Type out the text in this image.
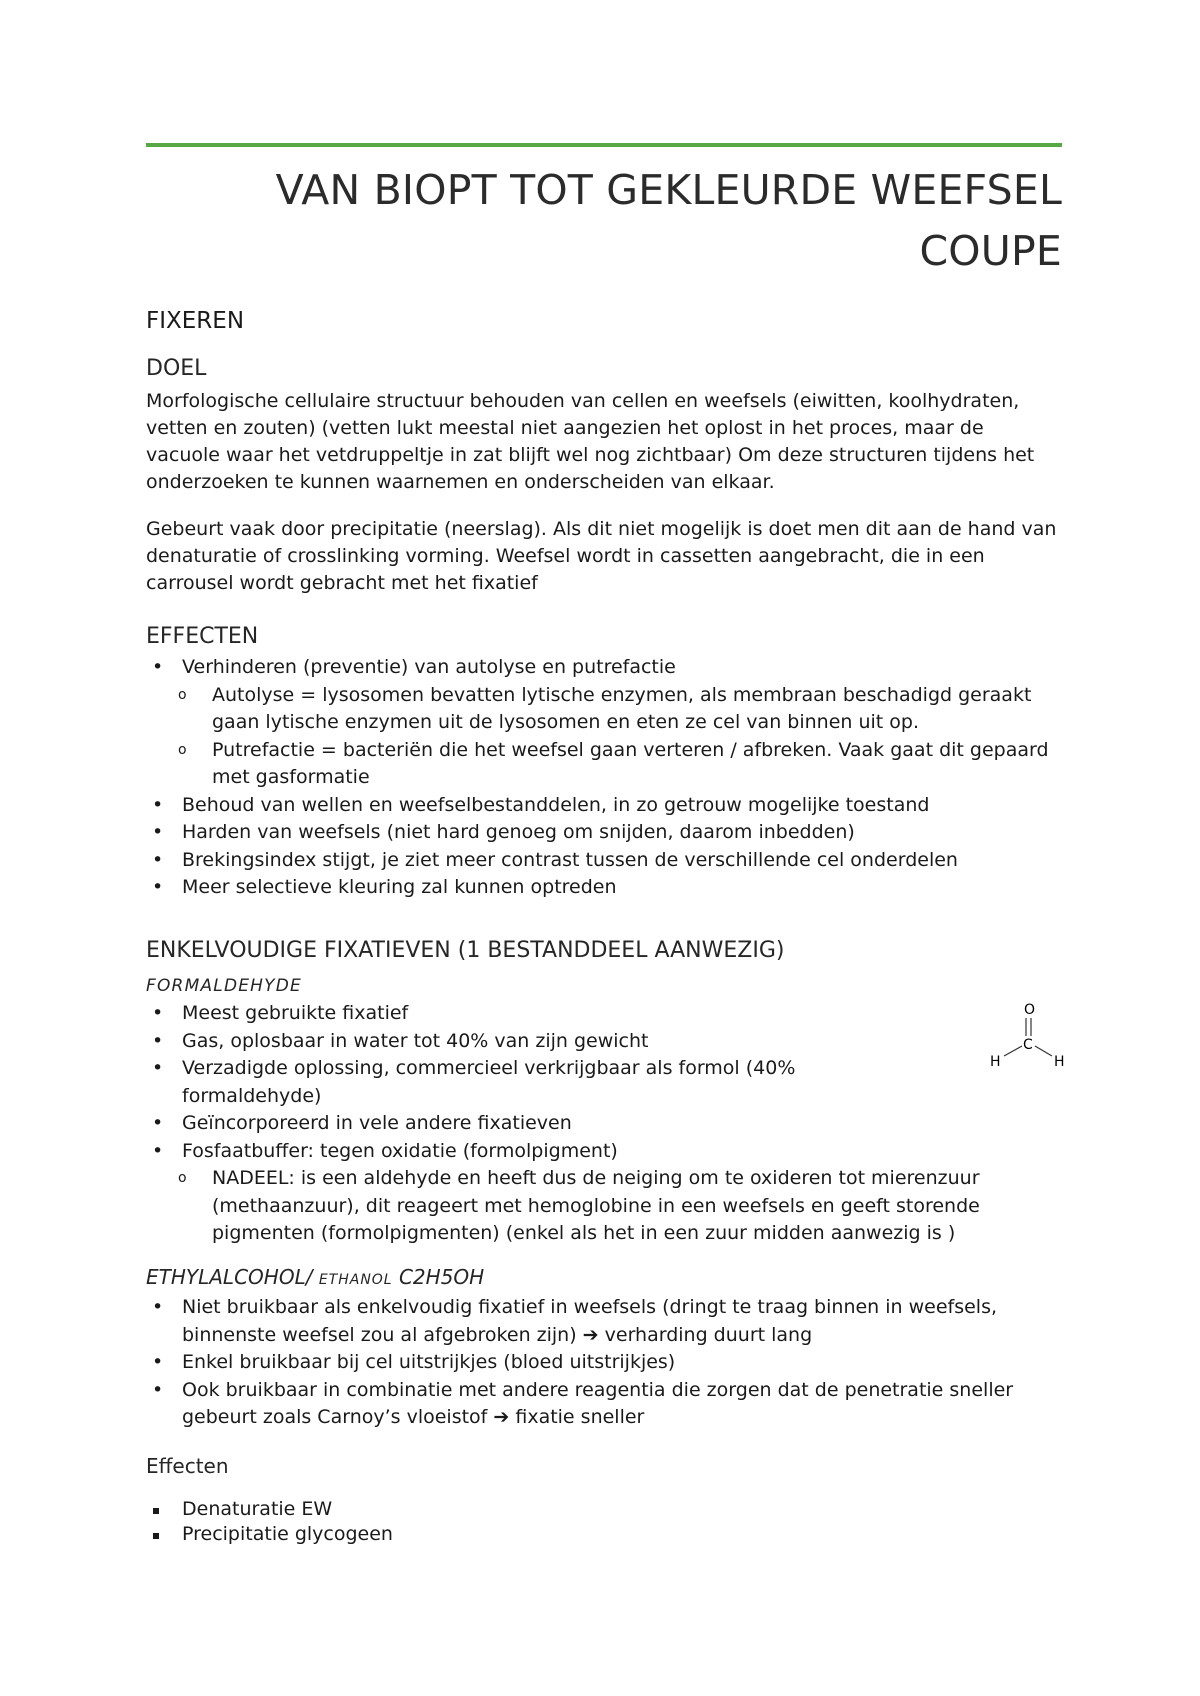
VAN BIOPT TOT GEKLEURDE WEEFSEL COUPE
FIXEREN
DOEL

Morfologische cellulaire structuur behouden van cellen en weefsels (eiwitten, koolhydraten, vetten en zouten) (vetten lukt meestal niet aangezien het oplost in het proces, maar de vacuole waar het vetdruppeltje in zat blijft wel nog zichtbaar) Om deze structuren tijdens het onderzoeken te kunnen waarnemen en onderscheiden van elkaar.

Gebeurt vaak door precipitatie (neerslag). Als dit niet mogelijk is doet men dit aan de hand van denaturatie of crosslinking vorming. Weefsel wordt in cassetten aangebracht, die in een carrousel wordt gebracht met het fixatief

EFFECTEN
• Verhinderen (preventie) van autolyse en putrefactie
o Autolyse = lysosomen bevatten lytische enzymen, als membraan beschadigd geraakt gaan lytische enzymen uit de lysosomen en eten ze cel van binnen uit op.
o Putrefactie = bacteriën die het weefsel gaan verteren / afbreken. Vaak gaat dit gepaard met gasformatie
• Behoud van wellen en weefselbestanddelen, in zo getrouw mogelijke toestand
• Harden van weefsels (niet hard genoeg om snijden, daarom inbedden)
• Brekingsindex stijgt, je ziet meer contrast tussen de verschillende cel onderdelen
• Meer selectieve kleuring zal kunnen optreden
ENKELVOUDIGE FIXATIEVEN (1 BESTANDDEEL AANWEZIG)
FORMALDEHYDE
• Meest gebruikte fixatief
• Gas, oplosbaar in water tot 40% van zijn gewicht
• Verzadigde oplossing, commercieel verkrijgbaar als formol (40% formaldehyde)
• Geïncorporeerd in vele andere fixatieven
• Fosfaatbuffer: tegen oxidatie (formolpigment)
o NADEEL: is een aldehyde en heeft dus de neiging om te oxideren tot mierenzuur (methaanzuur), dit reageert met hemoglobine in een weefsels en geeft storende pigmenten (formolpigmenten) (enkel als het in een zuur midden aanwezig is )
O
C
H	H
ETHYLALCOHOL/ ETHANOL C2H5OH
• Niet bruikbaar als enkelvoudig fixatief in weefsels (dringt te traag binnen in weefsels, binnenste weefsel zou al afgebroken zijn) ➔ verharding duurt lang
• Enkel bruikbaar bij cel uitstrijkjes (bloed uitstrijkjes)
• Ook bruikbaar in combinatie met andere reagentia die zorgen dat de penetratie sneller gebeurt zoals Carnoy’s vloeistof ➔ fixatie sneller
Effecten
Denaturatie EW
Precipitatie glycogeen
